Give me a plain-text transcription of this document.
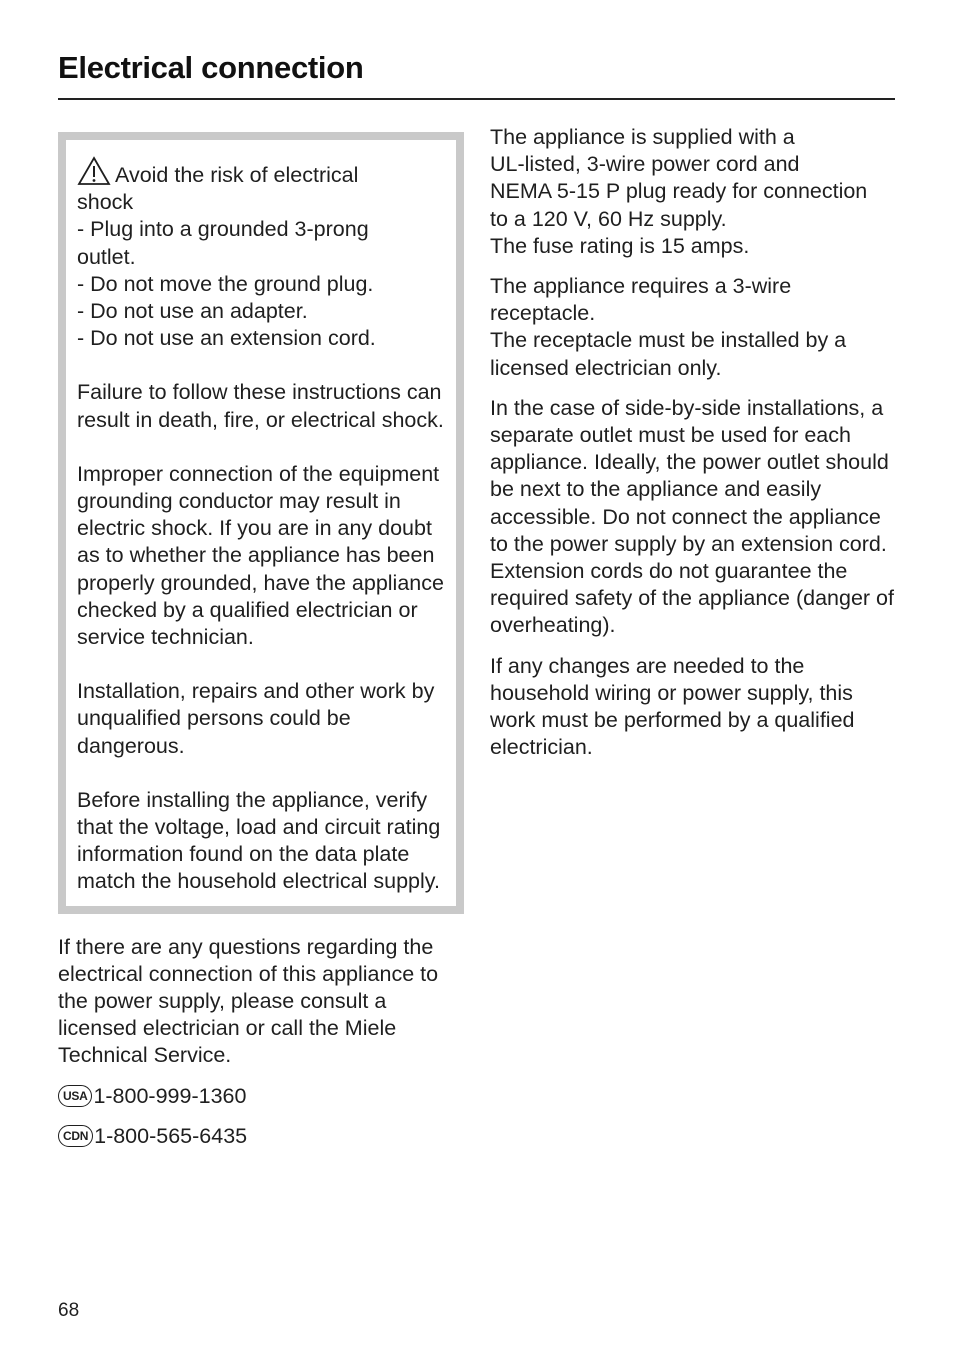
Electrical connection
Avoid the risk of electrical
shock
- Plug into a grounded 3-prong
outlet.
- Do not move the ground plug.
- Do not use an adapter.
- Do not use an extension cord.

Failure to follow these instructions can result in death, fire, or electrical shock.

Improper connection of the equipment grounding conductor may result in electric shock. If you are in any doubt as to whether the appliance has been properly grounded, have the appliance checked by a qualified electrician or service technician.

Installation, repairs and other work by unqualified persons could be dangerous.

Before installing the appliance, verify that the voltage, load and circuit rating information found on the data plate match the household electrical supply.

If there are any questions regarding the electrical connection of this appliance to the power supply, please consult a licensed electrician or call the Miele Technical Service.

USA 1-800-999-1360
CDN 1-800-565-6435

The appliance is supplied with a
UL-listed, 3-wire power cord and
NEMA 5-15 P plug ready for connection
to a 120 V, 60 Hz supply.
The fuse rating is 15 amps.

The appliance requires a 3-wire
receptacle.
The receptacle must be installed by a
licensed electrician only.

In the case of side-by-side installations, a separate outlet must be used for each appliance. Ideally, the power outlet should be next to the appliance and easily accessible. Do not connect the appliance to the power supply by an extension cord. Extension cords do not guarantee the required safety of the appliance (danger of overheating).

If any changes are needed to the household wiring or power supply, this work must be performed by a qualified electrician.

68
